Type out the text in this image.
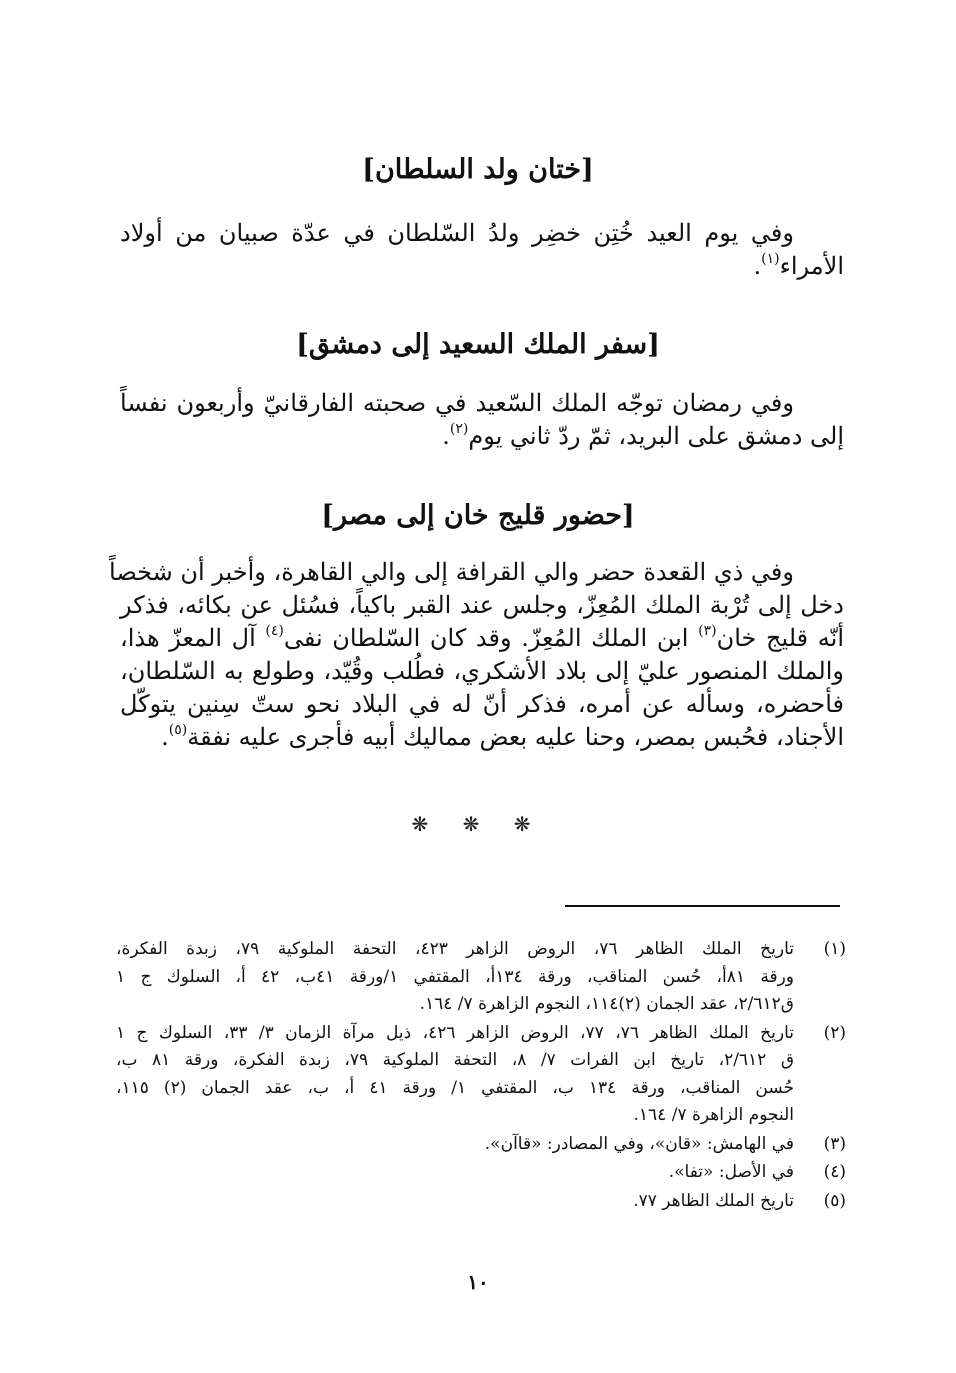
[ختان ولد السلطان]
وفي يوم العيد خُتِن خضِر ولدُ السّلطان في عدّة صبيان من أولاد
الأمراء$^{(١)}$.
[سفر الملك السعيد إلى دمشق]
وفي رمضان توجّه الملك السّعيد في صحبته الفارقانيّ وأربعون نفساً
إلى دمشق على البريد، ثمّ ردّ ثاني يوم$^{(٢)}$.
[حضور قليج خان إلى مصر]
وفي ذي القعدة حضر والي القرافة إلى والي القاهرة، وأخبر أن شخصاً
دخل إلى تُرْبة الملك المُعِزّ، وجلس عند القبر باكياً، فسُئل عن بكائه، فذكر
أنّه قليج خان$^{(٣)}$ ابن الملك المُعِزّ. وقد كان السّلطان نفى$^{(٤)}$ آل المعزّ هذا،
والملك المنصور عليّ إلى بلاد الأشكري، فطُلب وقُيّد، وطولع به السّلطان،
فأحضره، وسأله عن أمره، فذكر أنّ له في البلاد نحو ستّ سِنين يتوكّل
الأجناد، فحُبس بمصر، وحنا عليه بعض مماليك أبيه فأجرى عليه نفقة$^{(٥)}$.
❋ ❋ ❋
(١)
تاريخ الملك الظاهر ٧٦، الروض الزاهر ٤٢٣، التحفة الملوكية ٧٩، زبدة الفكرة،
ورقة ٨١أ، حُسن المناقب، ورقة ١٣٤أ، المقتفي ١/ورقة ٤١ب، ٤٢ أ، السلوك ج ١
ق٢/٦١٢، عقد الجمان (٢)١١٤، النجوم الزاهرة ٧/ ١٦٤.
(٢)
تاريخ الملك الظاهر ٧٦، ٧٧، الروض الزاهر ٤٢٦، ذيل مرآة الزمان ٣/ ٣٣، السلوك ج ١
ق ٢/٦١٢، تاريخ ابن الفرات ٧/ ٨، التحفة الملوكية ٧٩، زبدة الفكرة، ورقة ٨١ ب،
حُسن المناقب، ورقة ١٣٤ ب، المقتفي ١/ ورقة ٤١ أ، ب، عقد الجمان (٢) ١١٥،
النجوم الزاهرة ٧/ ١٦٤.
(٣)
في الهامش: «قان»، وفي المصادر: «قاآن».
(٤)
في الأصل: «تفا».
(٥)
تاريخ الملك الظاهر ٧٧.
١٠
